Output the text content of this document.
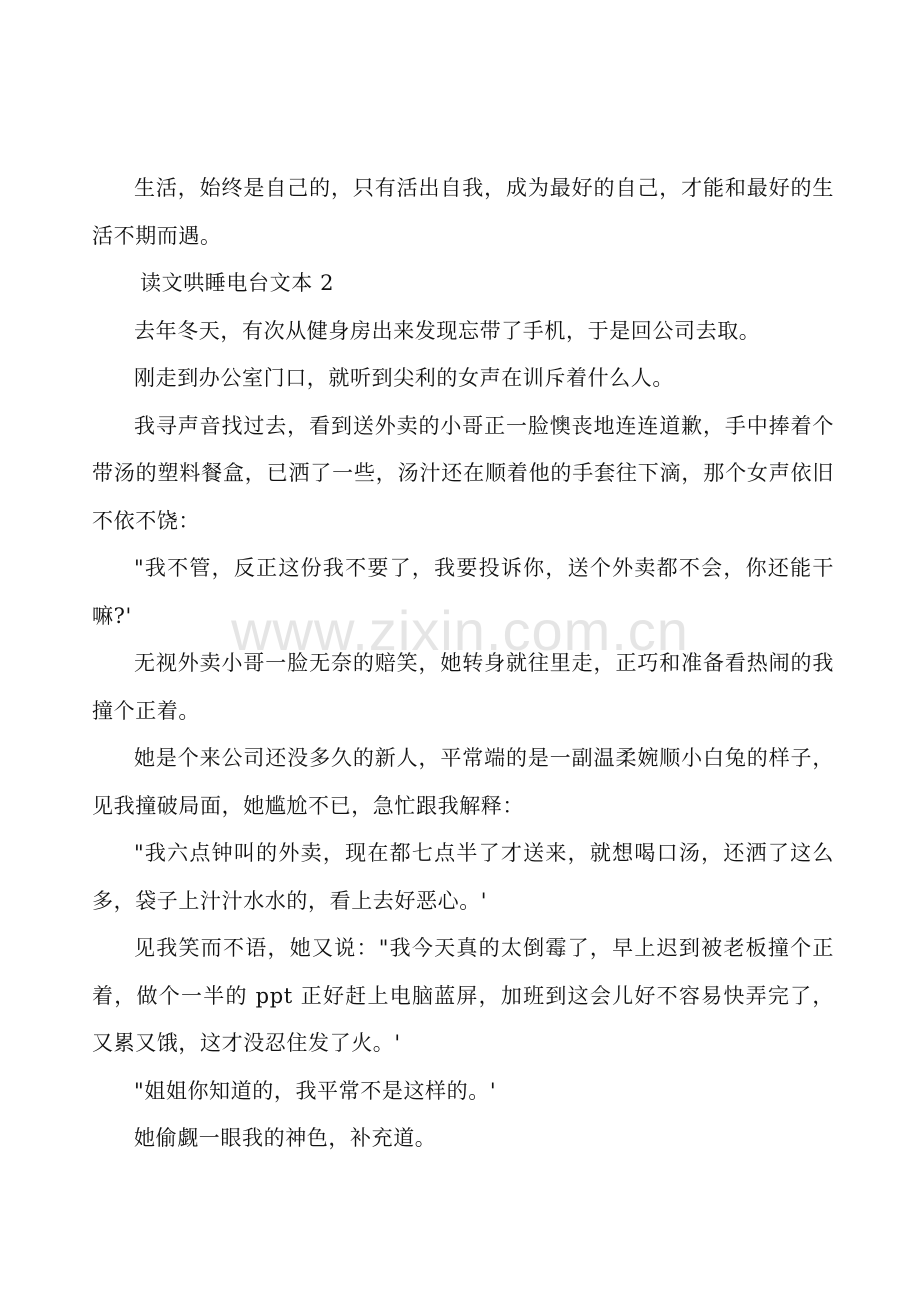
生活，始终是自己的，只有活出自我，成为最好的自己，才能和最好的生活不期而遇。

读文哄睡电台文本 2

去年冬天，有次从健身房出来发现忘带了手机，于是回公司去取。

刚走到办公室门口，就听到尖利的女声在训斥着什么人。

我寻声音找过去，看到送外卖的小哥正一脸懊丧地连连道歉，手中捧着个带汤的塑料餐盒，已洒了一些，汤汁还在顺着他的手套往下滴，那个女声依旧不依不饶：

"我不管，反正这份我不要了，我要投诉你，送个外卖都不会，你还能干嘛?'

无视外卖小哥一脸无奈的赔笑，她转身就往里走，正巧和准备看热闹的我撞个正着。

她是个来公司还没多久的新人，平常端的是一副温柔婉顺小白兔的样子，见我撞破局面，她尴尬不已，急忙跟我解释：

"我六点钟叫的外卖，现在都七点半了才送来，就想喝口汤，还洒了这么多，袋子上汁汁水水的，看上去好恶心。'

见我笑而不语，她又说："我今天真的太倒霉了，早上迟到被老板撞个正着，做个一半的 ppt 正好赶上电脑蓝屏，加班到这会儿好不容易快弄完了，又累又饿，这才没忍住发了火。'

"姐姐你知道的，我平常不是这样的。'

她偷觑一眼我的神色，补充道。

www.zixin.com.cn
